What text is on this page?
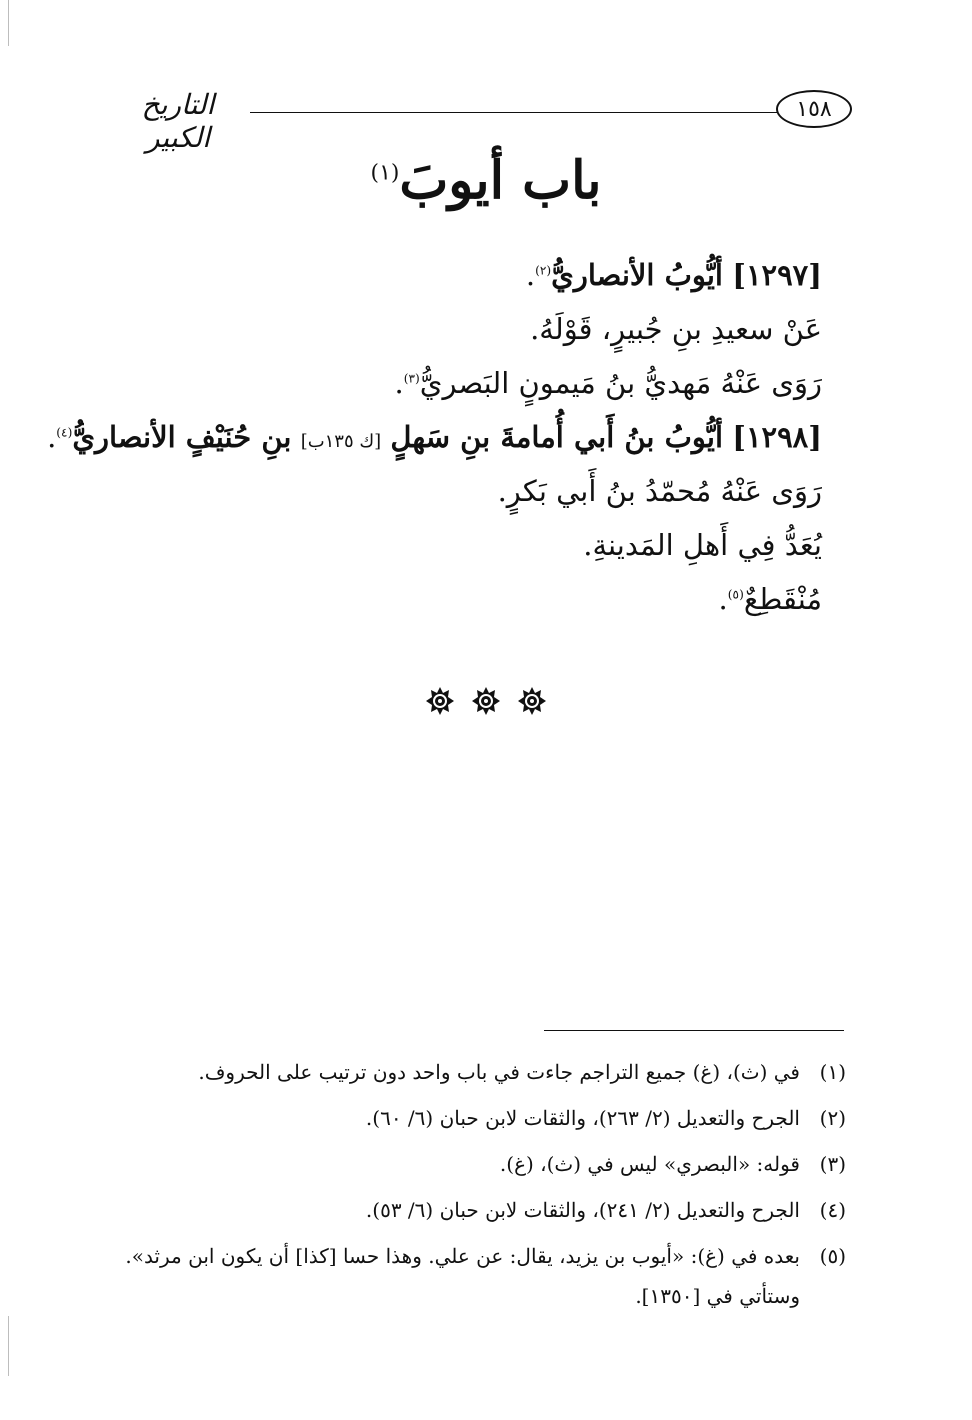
التاريخ الكبير
١٥٨
باب أيوبَ$^{(١)}$
[١٢٩٧] أيُّوبُ الأنصاريُّ$^{(٢)}$.
عَنْ سعيدِ بنِ جُبيرٍ، قَوْلَهُ.
رَوَى عَنْهُ مَهديُّ بنُ مَيمونٍ البَصريُّ$^{(٣)}$.
[١٢٩٨] أيُّوبُ بنُ أَبي أُمامةَ بنِ سَهلٍ [ك ١٣٥ب] بنِ حُنَيْفٍ الأنصاريُّ$^{(٤)}$.
رَوَى عَنْهُ مُحمّدُ بنُ أَبي بَكرٍ.
يُعَدُّ فِي أَهلِ المَدينةِ.
مُنْقَطِعٌ$^{(٥)}$.
(١)
في (ث)، (غ) جميع التراجم جاءت في باب واحد دون ترتيب على الحروف.
(٢)
الجرح والتعديل (٢/ ٢٦٣)، والثقات لابن حبان (٦/ ٦٠).
(٣)
قوله: «البصري» ليس في (ث)، (غ).
(٤)
الجرح والتعديل (٢/ ٢٤١)، والثقات لابن حبان (٦/ ٥٣).
(٥)
بعده في (غ): «أيوب بن يزيد، يقال: عن علي. وهذا حسا [كذا] أن يكون ابن مرثد».
وستأتي في [١٣٥٠].
